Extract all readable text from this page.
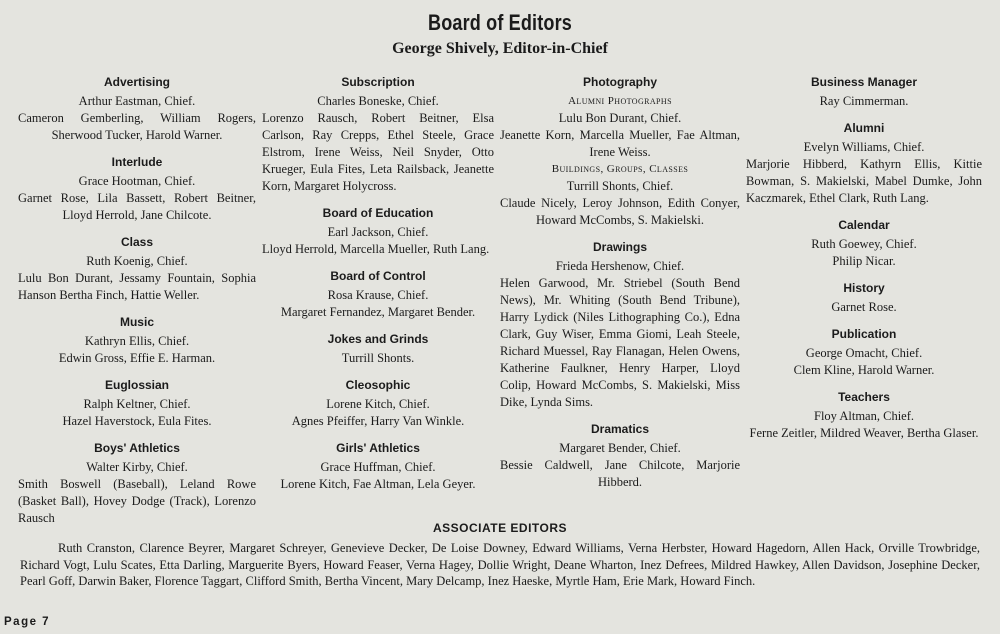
Board of Editors
George Shively, Editor-in-Chief
Advertising
Arthur Eastman, Chief.
Cameron Gemberling, William Rogers, Sherwood Tucker, Harold Warner.
Interlude
Grace Hootman, Chief.
Garnet Rose, Lila Bassett, Robert Beitner, Lloyd Herrold, Jane Chilcote.
Class
Ruth Koenig, Chief.
Lulu Bon Durant, Jessamy Fountain, Sophia Hanson Bertha Finch, Hattie Weller.
Music
Kathryn Ellis, Chief.
Edwin Gross, Effie E. Harman.
Euglossian
Ralph Keltner, Chief.
Hazel Haverstock, Eula Fites.
Boys' Athletics
Walter Kirby, Chief.
Smith Boswell (Baseball), Leland Rowe (Basket Ball), Hovey Dodge (Track), Lorenzo Rausch
Subscription
Charles Boneske, Chief.
Lorenzo Rausch, Robert Beitner, Elsa Carlson, Ray Crepps, Ethel Steele, Grace Elstrom, Irene Weiss, Neil Snyder, Otto Krueger, Eula Fites, Leta Railsback, Jeanette Korn, Margaret Holycross.
Board of Education
Earl Jackson, Chief.
Lloyd Herrold, Marcella Mueller, Ruth Lang.
Board of Control
Rosa Krause, Chief.
Margaret Fernandez, Margaret Bender.
Jokes and Grinds
Turrill Shonts.
Cleosophic
Lorene Kitch, Chief.
Agnes Pfeiffer, Harry Van Winkle.
Girls' Athletics
Grace Huffman, Chief.
Lorene Kitch, Fae Altman, Lela Geyer.
Photography
Alumni Photographs
Lulu Bon Durant, Chief.
Jeanette Korn, Marcella Mueller, Fae Altman, Irene Weiss.
Buildings, Groups, Classes
Turrill Shonts, Chief.
Claude Nicely, Leroy Johnson, Edith Conyer, Howard McCombs, S. Makielski.
Drawings
Frieda Hershenow, Chief.
Helen Garwood, Mr. Striebel (South Bend News), Mr. Whiting (South Bend Tribune), Harry Lydick (Niles Lithographing Co.), Edna Clark, Guy Wiser, Emma Giomi, Leah Steele, Richard Muessel, Ray Flanagan, Helen Owens, Katherine Faulkner, Henry Harper, Lloyd Colip, Howard McCombs, S. Makielski, Miss Dike, Lynda Sims.
Dramatics
Margaret Bender, Chief.
Bessie Caldwell, Jane Chilcote, Marjorie Hibberd.
Business Manager
Ray Cimmerman.
Alumni
Evelyn Williams, Chief.
Marjorie Hibberd, Kathyrn Ellis, Kittie Bowman, S. Makielski, Mabel Dumke, John Kaczmarek, Ethel Clark, Ruth Lang.
Calendar
Ruth Goewey, Chief.
Philip Nicar.
History
Garnet Rose.
Publication
George Omacht, Chief.
Clem Kline, Harold Warner.
Teachers
Floy Altman, Chief.
Ferne Zeitler, Mildred Weaver, Bertha Glaser.
ASSOCIATE EDITORS
Ruth Cranston, Clarence Beyrer, Margaret Schreyer, Genevieve Decker, De Loise Downey, Edward Williams, Verna Herbster, Howard Hagedorn, Allen Hack, Orville Trowbridge, Richard Vogt, Lulu Scates, Etta Darling, Marguerite Byers, Howard Feaser, Verna Hagey, Dollie Wright, Deane Wharton, Inez Defrees, Mildred Hawkey, Allen Davidson, Josephine Decker, Pearl Goff, Darwin Baker, Florence Taggart, Clifford Smith, Bertha Vincent, Mary Delcamp, Inez Haeske, Myrtle Ham, Erie Mark, Howard Finch.
Page 7
